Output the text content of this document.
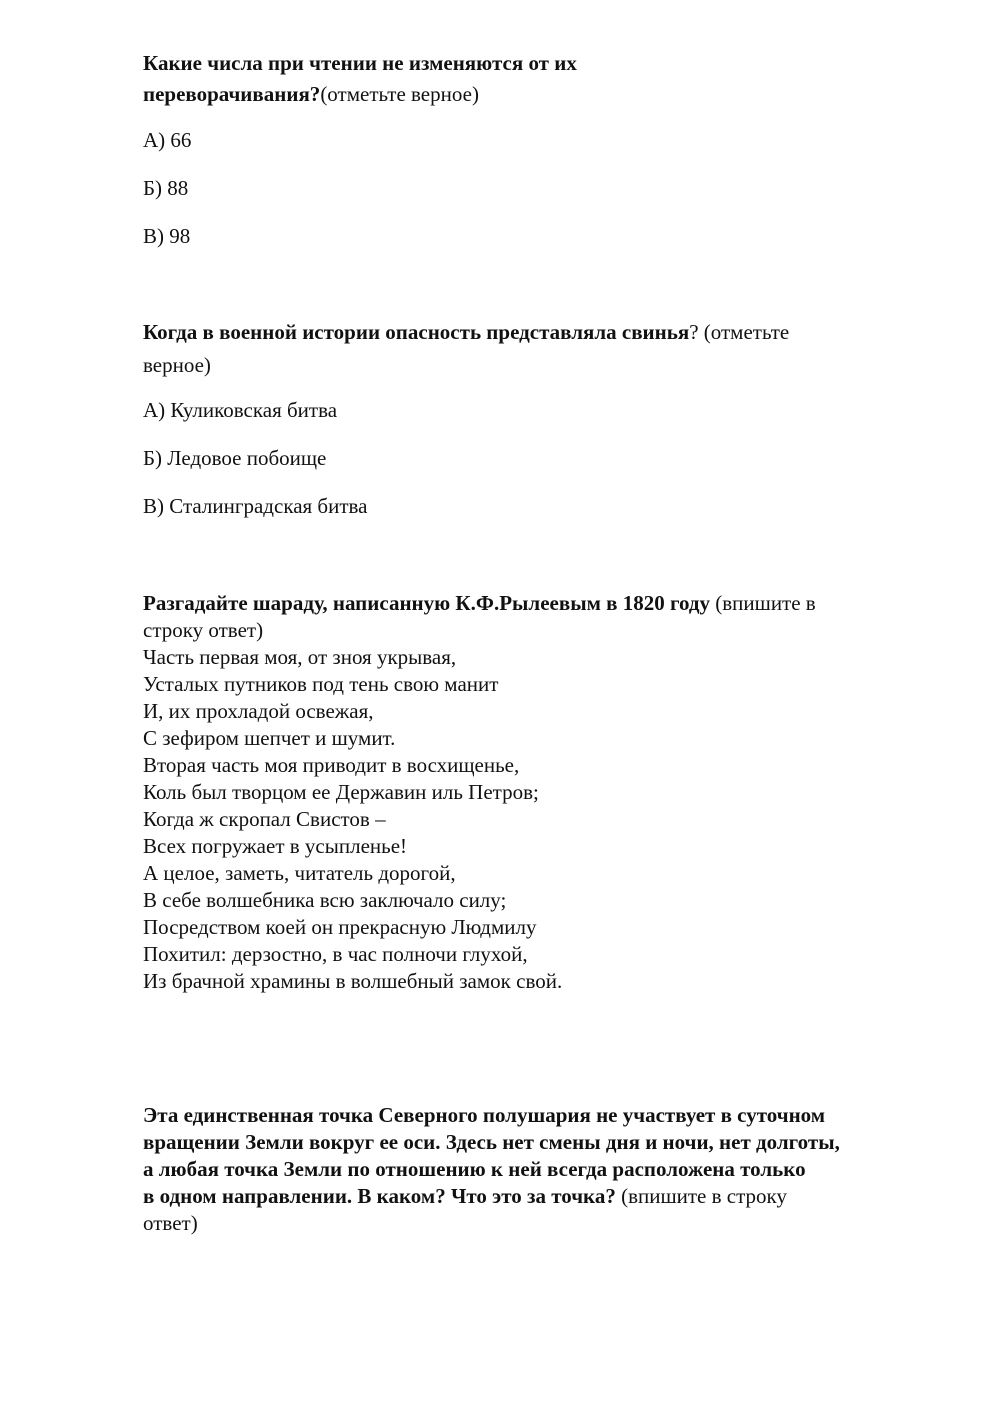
Какие числа при чтении не изменяются от их
переворачивания?(отметьте верное)
А) 66
Б) 88
В) 98
Когда в военной истории опасность представляла свинья? (отметьте
верное)
А) Куликовская битва
Б) Ледовое побоище
В) Сталинградская битва
Разгадайте шараду, написанную К.Ф.Рылеевым в 1820 году (впишите в
строку ответ)
Часть первая моя, от зноя укрывая,
Усталых путников под тень свою манит
И, их прохладой освежая,
С зефиром шепчет и шумит.
Вторая часть моя приводит в восхищенье,
Коль был творцом ее Державин иль Петров;
Когда ж скропал Свистов –
Всех погружает в усыпленье!
А целое, заметь, читатель дорогой,
В себе волшебника всю заключало силу;
Посредством коей он прекрасную Людмилу
Похитил: дерзостно, в час полночи глухой,
Из брачной храмины в волшебный замок свой.
Эта единственная точка Северного полушария не участвует в суточном
вращении Земли вокруг ее оси. Здесь нет смены дня и ночи, нет долготы,
а любая точка Земли по отношению к ней всегда расположена только
в одном направлении. В каком? Что это за точка? (впишите в строку
ответ)
